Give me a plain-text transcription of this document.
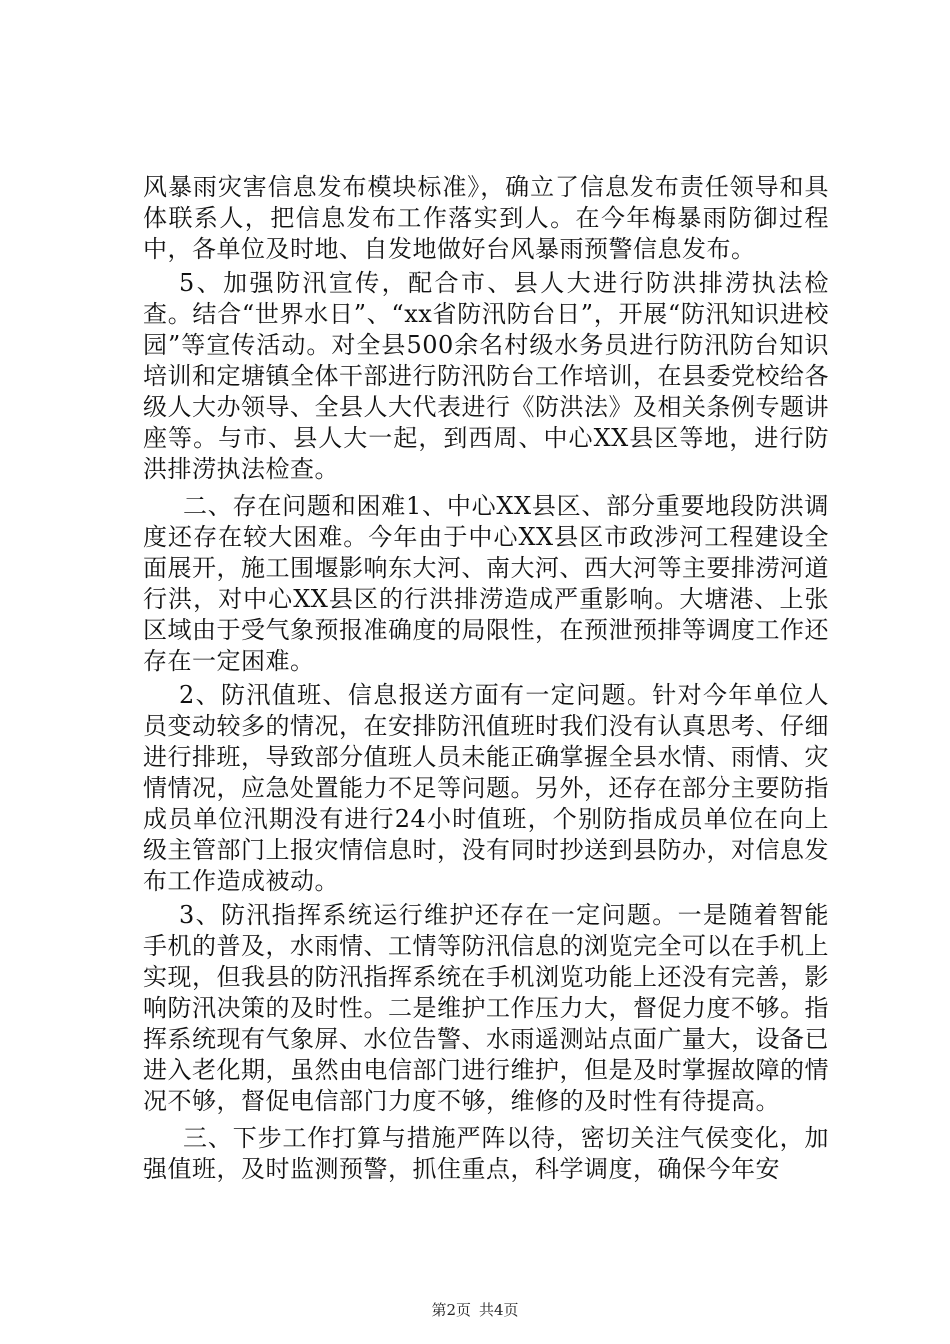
风暴雨灾害信息发布模块标准》，确立了信息发布责任领导和具体联系人，把信息发布工作落实到人。在今年梅暴雨防御过程中，各单位及时地、自发地做好台风暴雨预警信息发布。

5、加强防汛宣传，配合市、县人大进行防洪排涝执法检查。结合“世界水日”、“xx省防汛防台日”，开展“防汛知识进校园”等宣传活动。对全县500余名村级水务员进行防汛防台知识培训和定塘镇全体干部进行防汛防台工作培训，在县委党校给各级人大办领导、全县人大代表进行《防洪法》及相关条例专题讲座等。与市、县人大一起，到西周、中心XX县区等地，进行防洪排涝执法检查。

二、存在问题和困难1、中心XX县区、部分重要地段防洪调度还存在较大困难。今年由于中心XX县区市政涉河工程建设全面展开，施工围堰影响东大河、南大河、西大河等主要排涝河道行洪，对中心XX县区的行洪排涝造成严重影响。大塘港、上张区域由于受气象预报准确度的局限性，在预泄预排等调度工作还存在一定困难。

2、防汛值班、信息报送方面有一定问题。针对今年单位人员变动较多的情况，在安排防汛值班时我们没有认真思考、仔细进行排班，导致部分值班人员未能正确掌握全县水情、雨情、灾情情况，应急处置能力不足等问题。另外，还存在部分主要防指成员单位汛期没有进行24小时值班，个别防指成员单位在向上级主管部门上报灾情信息时，没有同时抄送到县防办，对信息发布工作造成被动。

3、防汛指挥系统运行维护还存在一定问题。一是随着智能手机的普及，水雨情、工情等防汛信息的浏览完全可以在手机上实现，但我县的防汛指挥系统在手机浏览功能上还没有完善，影响防汛决策的及时性。二是维护工作压力大，督促力度不够。指挥系统现有气象屏、水位告警、水雨遥测站点面广量大，设备已进入老化期，虽然由电信部门进行维护，但是及时掌握故障的情况不够，督促电信部门力度不够，维修的及时性有待提高。

三、下步工作打算与措施严阵以待，密切关注气侯变化，加强值班，及时监测预警，抓住重点，科学调度，确保今年安

第2页 共4页
